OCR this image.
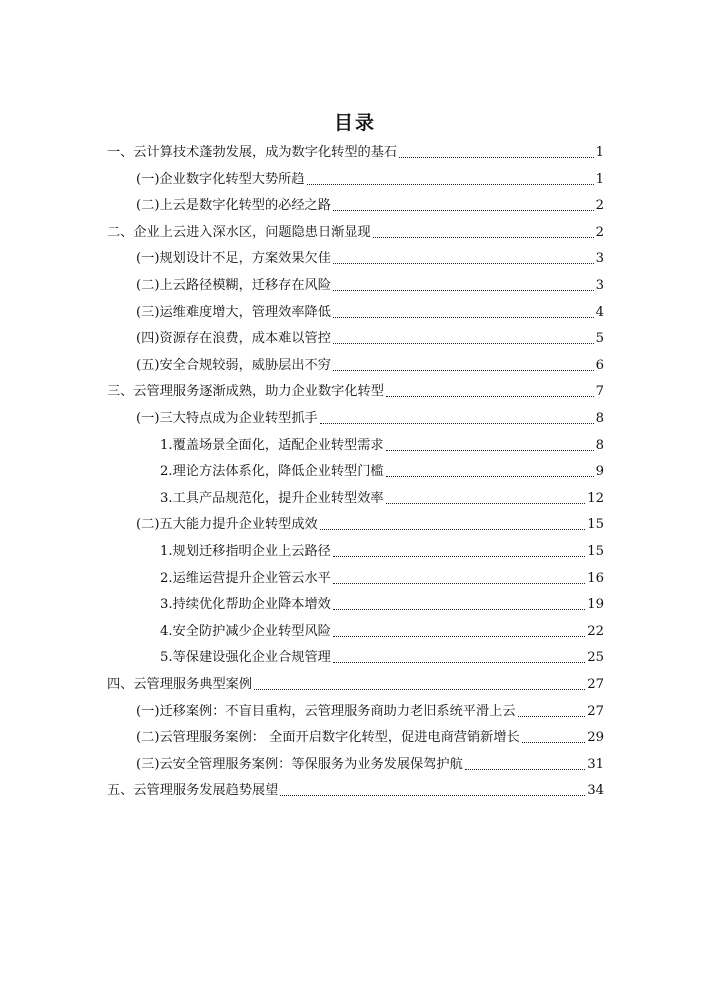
目录
一、云计算技术蓬勃发展，成为数字化转型的基石	1
(一)企业数字化转型大势所趋	1
(二)上云是数字化转型的必经之路	2
二、企业上云进入深水区，问题隐患日渐显现	2
(一)规划设计不足，方案效果欠佳	3
(二)上云路径模糊，迁移存在风险	3
(三)运维难度增大，管理效率降低	4
(四)资源存在浪费，成本难以管控	5
(五)安全合规较弱，威胁层出不穷	6
三、云管理服务逐渐成熟，助力企业数字化转型	7
(一)三大特点成为企业转型抓手	8
1.覆盖场景全面化，适配企业转型需求	8
2.理论方法体系化，降低企业转型门槛	9
3.工具产品规范化，提升企业转型效率	12
(二)五大能力提升企业转型成效	15
1.规划迁移指明企业上云路径	15
2.运维运营提升企业管云水平	16
3.持续优化帮助企业降本增效	19
4.安全防护减少企业转型风险	22
5.等保建设强化企业合规管理	25
四、云管理服务典型案例	27
(一)迁移案例：不盲目重构，云管理服务商助力老旧系统平滑上云	27
(二)云管理服务案例： 全面开启数字化转型，促进电商营销新增长	29
(三)云安全管理服务案例：等保服务为业务发展保驾护航	31
五、云管理服务发展趋势展望	34
